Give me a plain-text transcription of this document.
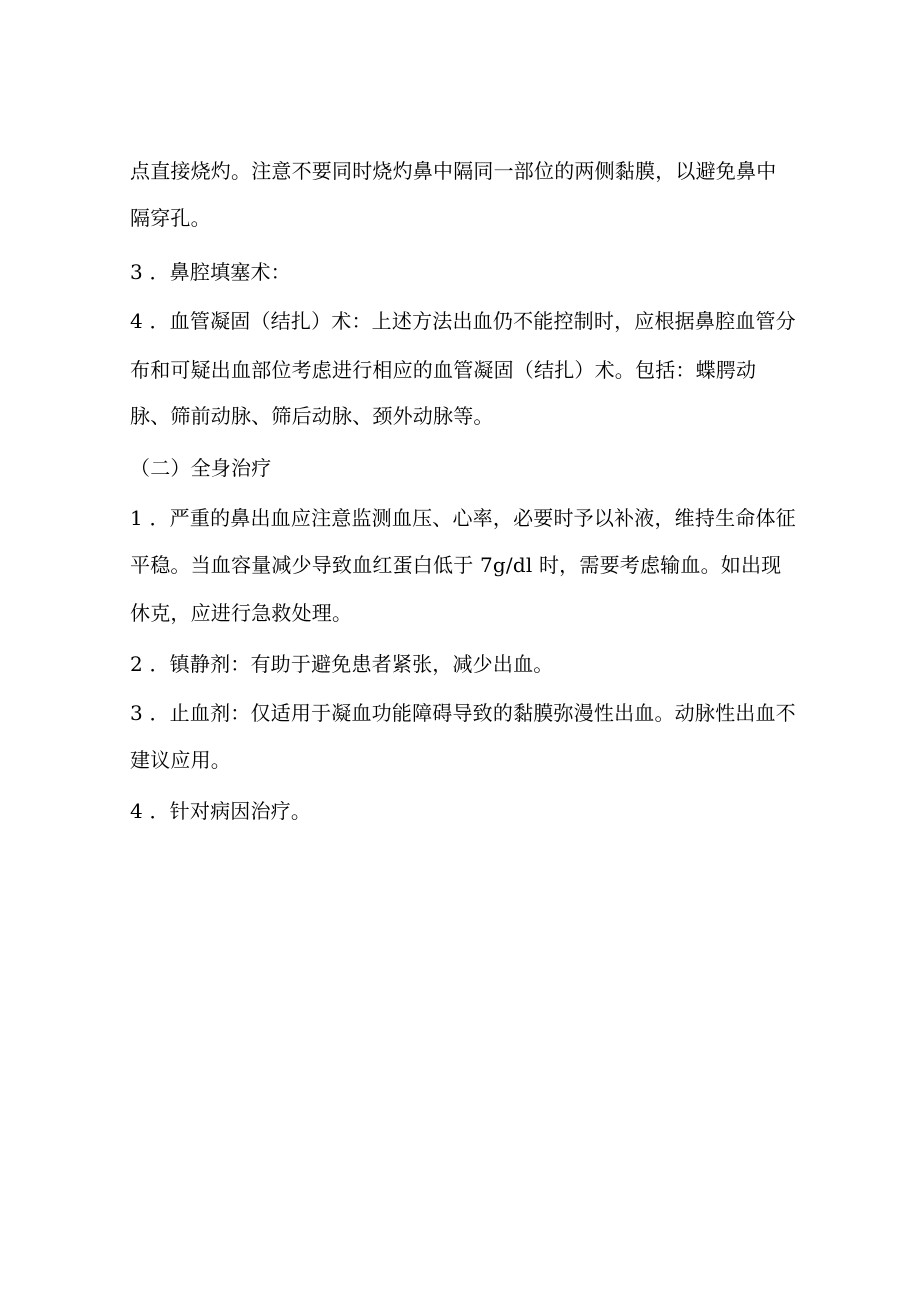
点直接烧灼。注意不要同时烧灼鼻中隔同一部位的两侧黏膜，以避免鼻中
隔穿孔。
3 ．鼻腔填塞术：
4 ．血管凝固（结扎）术：上述方法出血仍不能控制时，应根据鼻腔血管分
布和可疑出血部位考虑进行相应的血管凝固（结扎）术。包括：蝶腭动
脉、筛前动脉、筛后动脉、颈外动脉等。
（二）全身治疗
1 ．严重的鼻出血应注意监测血压、心率，必要时予以补液，维持生命体征
平稳。当血容量减少导致血红蛋白低于 7g/dl 时，需要考虑输血。如出现
休克，应进行急救处理。
2 ．镇静剂：有助于避免患者紧张，减少出血。
3 ．止血剂：仅适用于凝血功能障碍导致的黏膜弥漫性出血。动脉性出血不
建议应用。
4 ．针对病因治疗。
